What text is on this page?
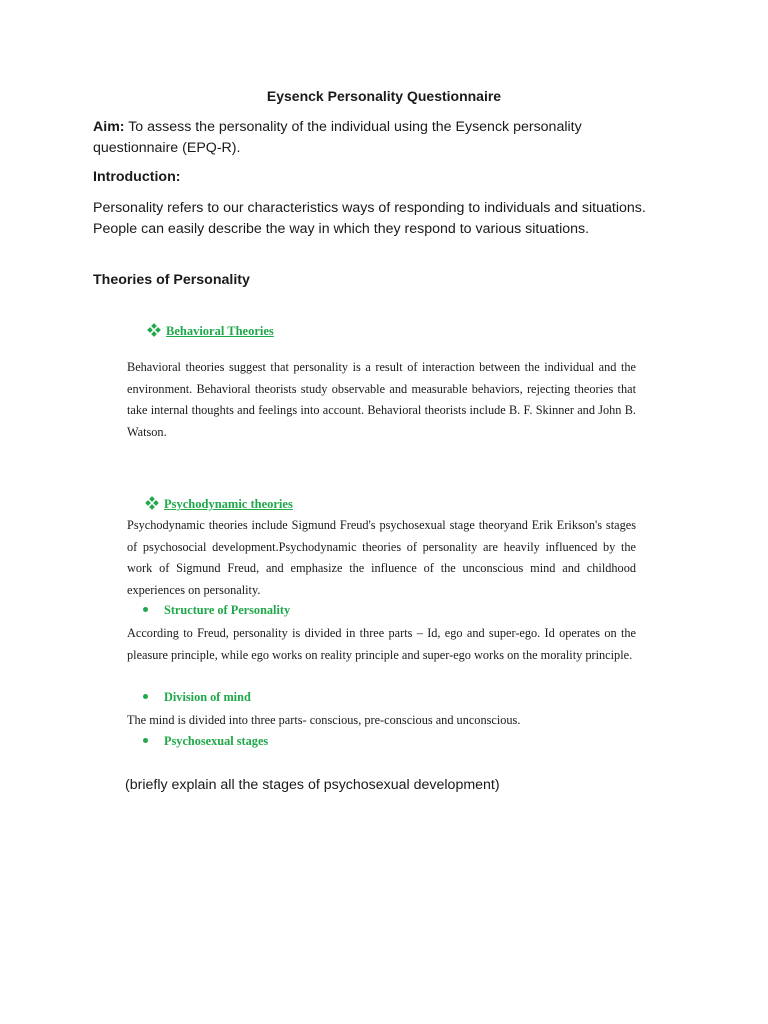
Eysenck Personality Questionnaire
Aim: To assess the personality of the individual using the Eysenck personality questionnaire (EPQ-R).
Introduction:
Personality refers to our characteristics ways of responding to individuals and situations. People can easily describe the way in which they respond to various situations.
Theories of Personality
Behavioral Theories
Behavioral theories suggest that personality is a result of interaction between the individual and the environment. Behavioral theorists study observable and measurable behaviors, rejecting theories that take internal thoughts and feelings into account. Behavioral theorists include B. F. Skinner and John B. Watson.
Psychodynamic theories
Psychodynamic theories include Sigmund Freud's psychosexual stage theoryand Erik Erikson's stages of psychosocial development.Psychodynamic theories of personality are heavily influenced by the work of Sigmund Freud, and emphasize the influence of the unconscious mind and childhood experiences on personality.
Structure of Personality
According to Freud, personality is divided in three parts – Id, ego and super-ego. Id operates on the pleasure principle, while ego works on reality principle and super-ego works on the morality principle.
Division of mind
The mind is divided into three parts- conscious, pre-conscious and unconscious.
Psychosexual stages
(briefly explain all the stages of psychosexual development)
